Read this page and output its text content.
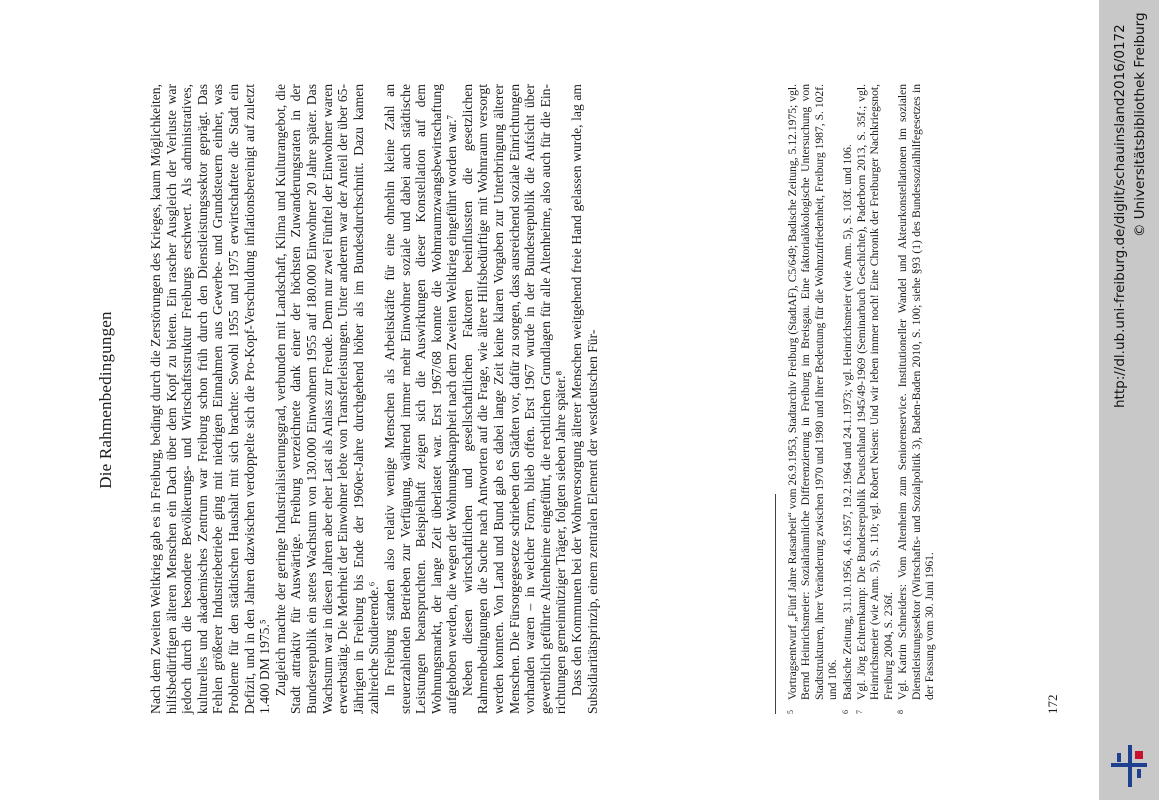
Die Rahmenbedingungen Nach dem Zweiten Weltkrieg gab es in Freiburg, bedingt durch die Zerstörungen des Krieges, kaum Möglichkeiten, hilfsbedürftigen älteren Menschen ein Dach über dem Kopf zu bieten. Ein rascher Ausgleich der Verluste war jedoch durch die besondere Bevölkerungs- und Wirtschaftsstruktur Freiburgs erschwert. Als administratives, kulturelles und akademisches Zentrum war Freiburg schon früh durch den Dienstleistungssektor geprägt. Das Fehlen größerer Industriebetriebe ging mit niedrigen Einnahmen aus Gewerbe- und Grundsteuern einher, was Probleme für den städtischen Haushalt mit sich brachte: Sowohl 1955 und 1975 erwirtschaftete die Stadt ein Defizit, und in den Jahren dazwischen verdoppelte sich die Pro-Kopf-Verschuldung inflationsbereinigt auf zuletzt 1.400 DM 1975.⁵ Zugleich machte der geringe Industrialisierungsgrad, verbunden mit Landschaft, Klima und Kulturangebot, die Stadt attraktiv für Auswärtige. Freiburg verzeichnete dank einer der höchsten Zuwanderungsraten in der Bundesrepublik ein stetes Wachstum von 130.000 Einwohnern 1955 auf 180.000 Einwohner 20 Jahre später. Das Wachstum war in diesen Jahren aber eher Last als Anlass zur Freude. Denn nur zwei Fünftel der Einwohner waren erwerbstätig. Die Mehrheit der Einwohner lebte von Transferleistungen. Unter anderem war der Anteil der über 65-Jährigen in Freiburg bis Ende der 1960er-Jahre durchgehend höher als im Bundesdurchschnitt. Dazu kamen zahlreiche Studierende.⁶ In Freiburg standen also relativ wenige Menschen als Arbeitskräfte für eine ohnehin kleine Zahl an steuerzahlenden Betrieben zur Verfügung, während immer mehr Einwohner soziale und dabei auch städtische Leistungen beanspruchten. Beispielhaft zeigen sich die Auswirkungen dieser Konstellation auf dem Wohnungsmarkt, der lange Zeit überlastet war. Erst 1967/68 konnte die Wohnraumzwangsbewirtschaftung aufgehoben werden, die wegen der Wohnungsknappheit nach dem Zweiten Weltkrieg eingeführt worden war.⁷ Neben diesen wirtschaftlichen und gesellschaftlichen Faktoren beeinflussten die gesetzlichen Rahmenbedingungen die Suche nach Antworten auf die Frage, wie ältere Hilfsbedürftige mit Wohnraum versorgt werden konnten. Von Land und Bund gab es dabei lange Zeit keine klaren Vorgaben zur Unterbringung älterer Menschen. Die Fürsorgegesetze schrieben den Städten vor, dafür zu sorgen, dass ausreichend soziale Einrichtungen vorhanden waren – in welcher Form, blieb offen. Erst 1967 wurde in der Bundesrepublik die Aufsicht über gewerblich geführte Altenheime eingeführt, die rechtlichen Grundlagen für alle Altenheime, also auch für die Einrichtungen gemeinnütziger Träger, folgten sieben Jahre später.⁸ Dass den Kommunen bei der Wohnversorgung älterer Menschen weitgehend freie Hand gelassen wurde, lag am Subsidiaritätsprinzip, einem zentralen Element der westdeutschen Für-	5
Vortragsentwurf „Fünf Jahre Ratsarbeit“ vom 26.9.1953, Stadtarchiv Freiburg (StadtAF), C5/649; Badische Zeitung, 5.12.1975; vgl. Bernd Heinrichsmeier: Sozialräumliche Differenzierung in Freiburg im Breisgau. Eine faktorialökologische Untersuchung von Stadtstrukturen, ihrer Veränderung zwischen 1970 und 1980 und ihrer Bedeutung für die Wohnzufriedenheit, Freiburg 1987, S. 102f. und 106.
6
Badische Zeitung, 31.10.1956, 4.6.1957, 19.2.1964 und 24.1.1973; vgl. Heinrichsmeier (wie Anm. 5), S. 103f. und 106.
7
Vgl. Jörg Echternkamp: Die Bundesrepublik Deutschland 1945/49-1969 (Seminarbuch Geschichte), Paderborn 2013, S. 35f.; vgl. Heinrichsmeier (wie Anm. 5), S. 110; vgl. Robert Neisen: Und wir leben immer noch! Eine Chronik der Freiburger Nachkriegsnot, Freiburg 2004, S. 236f.
8
Vgl. Katrin Schneiders: Vom Altenheim zum Seniorenservice. Institutioneller Wandel und Akteurkonstellationen im sozialen Dienstleistungssektor (Wirtschafts- und Sozialpolitik 3), Baden-Baden 2010, S. 100; siehe §93 (1) des Bundessozialhilfegesetzes in der Fassung vom 30. Juni 1961.
172
http://dl.ub.uni-freiburg.de/diglit/schauinsland2016/0172 © Universitätsbibliothek Freiburg
